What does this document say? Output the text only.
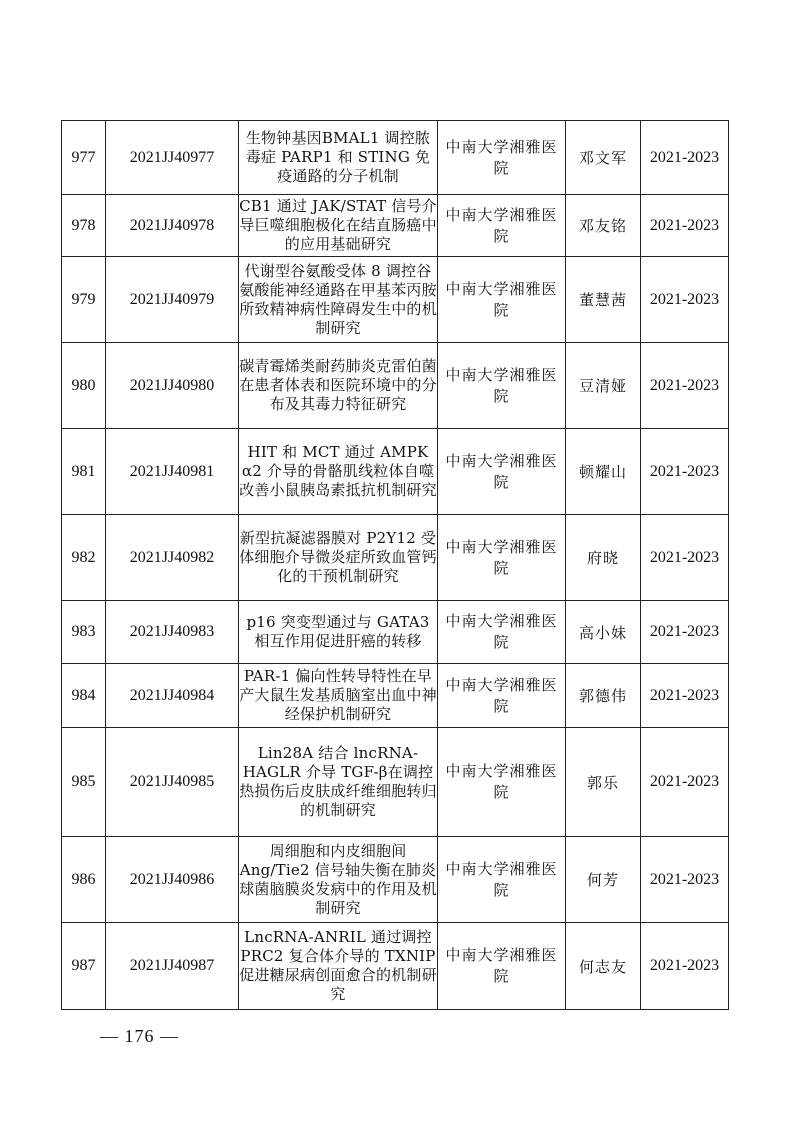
977	2021JJ40977	生物钟基因BMAL1 调控脓毒症 PARP1 和 STING 免疫通路的分子机制	中南大学湘雅医院	邓文军	2021-2023
978	2021JJ40978	CB1 通过 JAK/STAT 信号介导巨噬细胞极化在结直肠癌中的应用基础研究	中南大学湘雅医院	邓友铭	2021-2023
979	2021JJ40979	代谢型谷氨酸受体 8 调控谷氨酸能神经通路在甲基苯丙胺所致精神病性障碍发生中的机制研究	中南大学湘雅医院	董慧茜	2021-2023
980	2021JJ40980	碳青霉烯类耐药肺炎克雷伯菌在患者体表和医院环境中的分布及其毒力特征研究	中南大学湘雅医院	豆清娅	2021-2023
981	2021JJ40981	HIT 和 MCT 通过 AMPK α2 介导的骨骼肌线粒体自噬改善小鼠胰岛素抵抗机制研究	中南大学湘雅医院	顿耀山	2021-2023
982	2021JJ40982	新型抗凝滤器膜对 P2Y12 受体细胞介导微炎症所致血管钙化的干预机制研究	中南大学湘雅医院	府晓	2021-2023
983	2021JJ40983	p16 突变型通过与 GATA3 相互作用促进肝癌的转移	中南大学湘雅医院	高小妹	2021-2023
984	2021JJ40984	PAR-1 偏向性转导特性在早产大鼠生发基质脑室出血中神经保护机制研究	中南大学湘雅医院	郭德伟	2021-2023
985	2021JJ40985	Lin28A 结合 lncRNA-HAGLR 介导 TGF-β在调控热损伤后皮肤成纤维细胞转归的机制研究	中南大学湘雅医院	郭乐	2021-2023
986	2021JJ40986	周细胞和内皮细胞间 Ang/Tie2 信号轴失衡在肺炎球菌脑膜炎发病中的作用及机制研究	中南大学湘雅医院	何芳	2021-2023
987	2021JJ40987	LncRNA-ANRIL 通过调控 PRC2 复合体介导的 TXNIP 促进糖尿病创面愈合的机制研究	中南大学湘雅医院	何志友	2021-2023
— 176 —
